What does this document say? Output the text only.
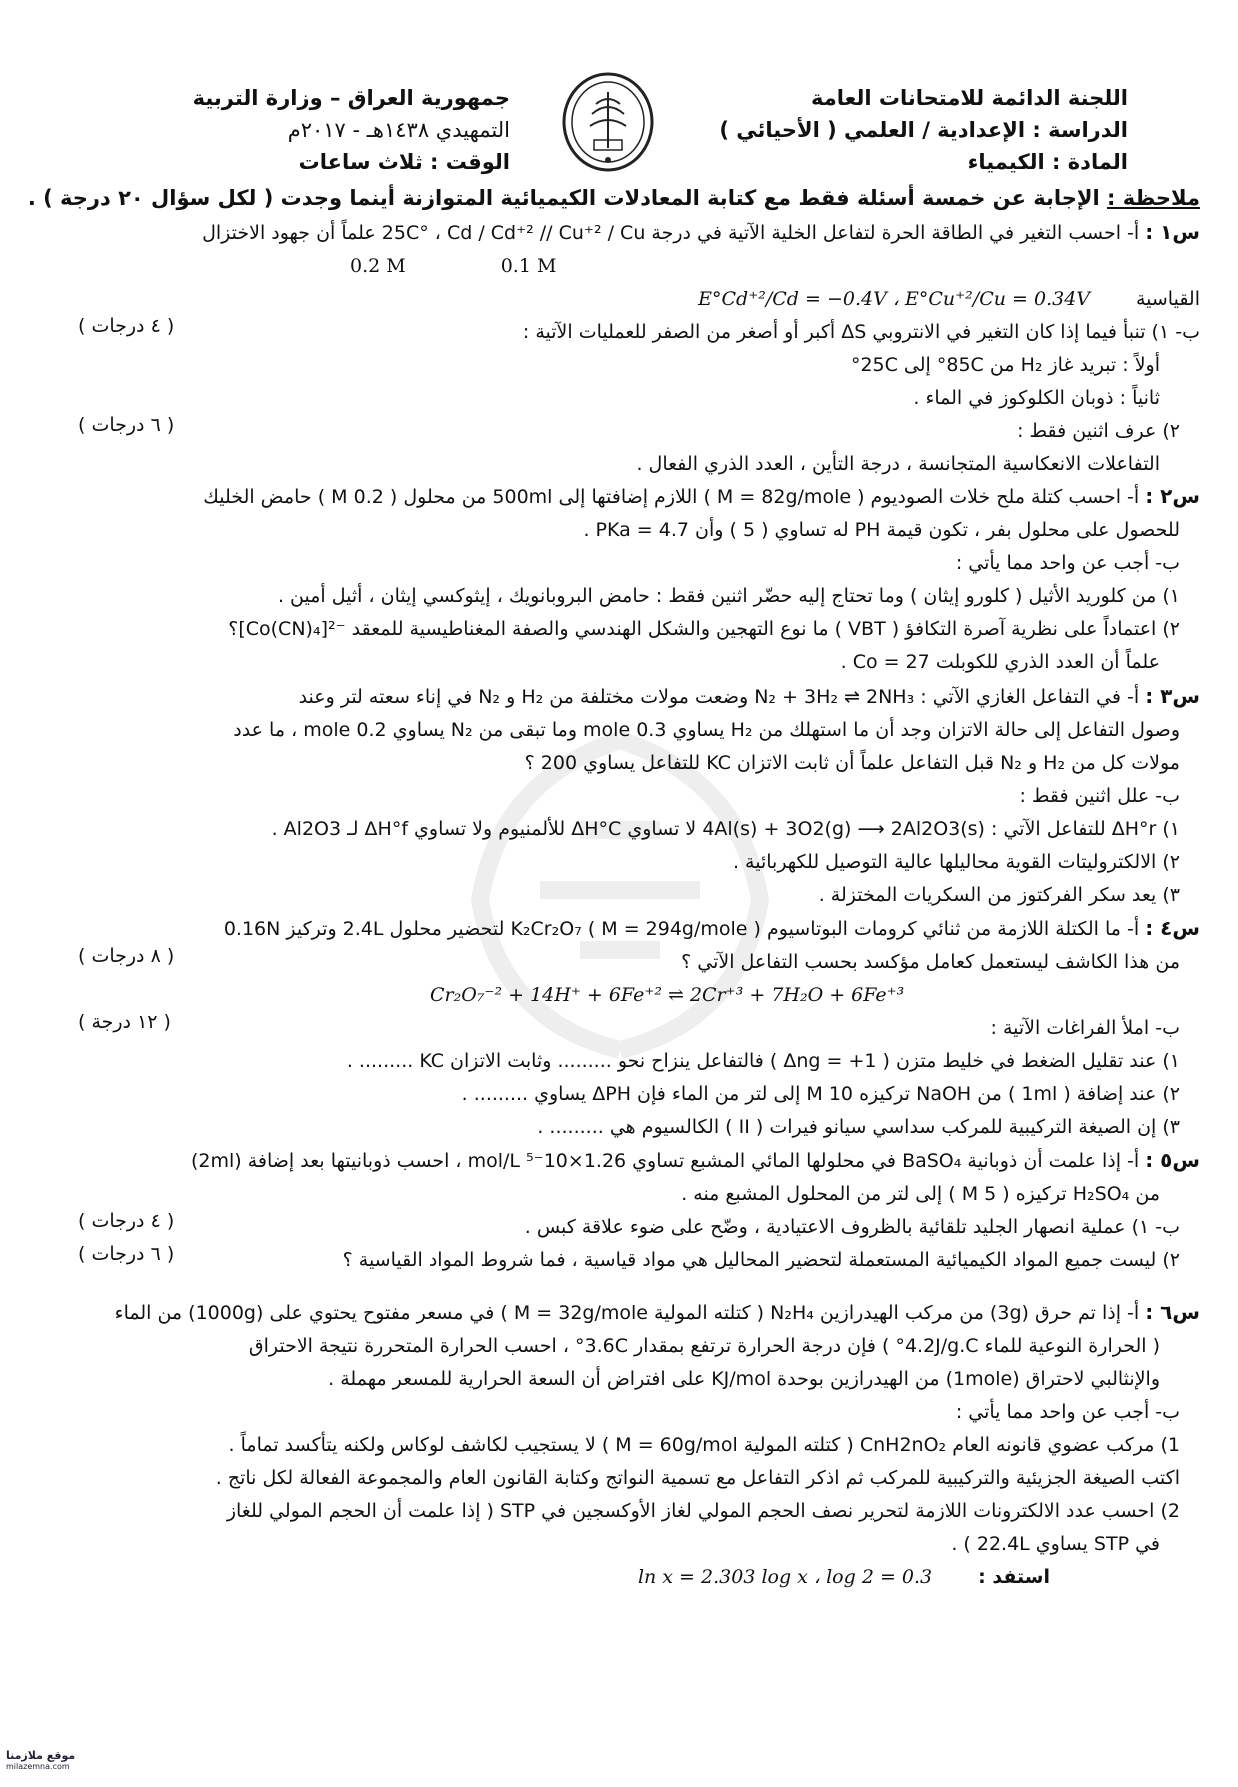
اللجنة الدائمة للامتحانات العامة
الدراسة : الإعدادية / العلمي ( الأحيائي )
المادة : الكيمياء
جمهورية العراق – وزارة التربية
التمهيدي ١٤٣٨هـ - ٢٠١٧م
الوقت : ثلاث ساعات
ملاحظة : الإجابة عن خمسة أسئلة فقط مع كتابة المعادلات الكيميائية المتوازنة أينما وجدت ( لكل سؤال ٢٠ درجة ) .
س١ : أ- احسب التغير في الطاقة الحرة لتفاعل الخلية الآتية في درجة 25C° ، Cd / Cd⁺² // Cu⁺² / Cu علماً أن جهود الاختزال
0.2 M	0.1 M
القياسية
E°Cd⁺²/Cd = −0.4V ، E°Cu⁺²/Cu = 0.34V
ب- ١) تنبأ فيما إذا كان التغير في الانتروبي ΔS أكبر أو أصغر من الصفر للعمليات الآتية :
أولاً : تبريد غاز H₂ من 85C° إلى 25C°
ثانياً : ذوبان الكلوكوز في الماء .
٢) عرف اثنين فقط :
التفاعلات الانعكاسية المتجانسة ، درجة التأين ، العدد الذري الفعال .
( ٤ درجات )
( ٦ درجات )
س٢ : أ- احسب كتلة ملح خلات الصوديوم ( M = 82g/mole ) اللازم إضافتها إلى 500ml من محلول ( 0.2 M ) حامض الخليك
للحصول على محلول بفر ، تكون قيمة PH له تساوي ( 5 ) وأن PKa = 4.7 .
ب- أجب عن واحد مما يأتي :
١) من كلوريد الأثيل ( كلورو إيثان ) وما تحتاج إليه حضّر اثنين فقط : حامض البروبانويك ، إيثوكسي إيثان ، أثيل أمين .
٢) اعتماداً على نظرية آصرة التكافؤ ( VBT ) ما نوع التهجين والشكل الهندسي والصفة المغناطيسية للمعقد ⁻²[Co(CN)₄]؟
علماً أن العدد الذري للكوبلت Co = 27 .
س٣ : أ- في التفاعل الغازي الآتي : N₂ + 3H₂ ⇌ 2NH₃ وضعت مولات مختلفة من H₂ و N₂ في إناء سعته لتر وعند
وصول التفاعل إلى حالة الاتزان وجد أن ما استهلك من H₂ يساوي 0.3 mole وما تبقى من N₂ يساوي 0.2 mole ، ما عدد
مولات كل من H₂ و N₂ قبل التفاعل علماً أن ثابت الاتزان KC للتفاعل يساوي 200 ؟
ب- علل اثنين فقط :
١) ΔH°r للتفاعل الآتي : 4Al(s) + 3O2(g) ⟶ 2Al2O3(s) لا تساوي ΔH°C للألمنيوم ولا تساوي ΔH°f لـ Al2O3 .
٢) الالكتروليتات القوية محاليلها عالية التوصيل للكهربائية .
٣) يعد سكر الفركتوز من السكريات المختزلة .
س٤ : أ- ما الكتلة اللازمة من ثنائي كرومات البوتاسيوم K₂Cr₂O₇ ( M = 294g/mole ) لتحضير محلول 2.4L وتركيز 0.16N
من هذا الكاشف ليستعمل كعامل مؤكسد بحسب التفاعل الآتي ؟
Cr₂O₇⁻² + 14H⁺ + 6Fe⁺² ⇌ 2Cr⁺³ + 7H₂O + 6Fe⁺³
ب- املأ الفراغات الآتية :
١) عند تقليل الضغط في خليط متزن ( Δng = +1 ) فالتفاعل ينزاح نحو ......... وثابت الاتزان KC ......... .
٢) عند إضافة ( 1ml ) من NaOH تركيزه 10 M إلى لتر من الماء فإن ΔPH يساوي ......... .
٣) إن الصيغة التركيبية للمركب سداسي سيانو فيرات ( II ) الكالسيوم هي ......... .
( ٨ درجات )
( ١٢ درجة )
س٥ : أ- إذا علمت أن ذوبانية BaSO₄ في محلولها المائي المشبع تساوي 1.26×10⁻⁵ mol/L ، احسب ذوبانيتها بعد إضافة (2ml)
من H₂SO₄ تركيزه ( 5 M ) إلى لتر من المحلول المشبع منه .
ب- ١) عملية انصهار الجليد تلقائية بالظروف الاعتيادية ، وضّح على ضوء علاقة كبس .
٢) ليست جميع المواد الكيميائية المستعملة لتحضير المحاليل هي مواد قياسية ، فما شروط المواد القياسية ؟
( ٤ درجات )
( ٦ درجات )
س٦ : أ- إذا تم حرق (3g) من مركب الهيدرازين N₂H₄ ( كتلته المولية M = 32g/mole ) في مسعر مفتوح يحتوي على (1000g) من الماء
( الحرارة النوعية للماء 4.2J/g.C° ) فإن درجة الحرارة ترتفع بمقدار 3.6C° ، احسب الحرارة المتحررة نتيجة الاحتراق
والإنثالبي لاحتراق (1mole) من الهيدرازين بوحدة KJ/mol على افتراض أن السعة الحرارية للمسعر مهملة .
ب- أجب عن واحد مما يأتي :
1) مركب عضوي قانونه العام CnH2nO₂ ( كتلته المولية M = 60g/mol ) لا يستجيب لكاشف لوكاس ولكنه يتأكسد تماماً .
اكتب الصيغة الجزيئية والتركيبية للمركب ثم اذكر التفاعل مع تسمية النواتج وكتابة القانون العام والمجموعة الفعالة لكل ناتج .
2) احسب عدد الالكترونات اللازمة لتحرير نصف الحجم المولي لغاز الأوكسجين في STP ( إذا علمت أن الحجم المولي للغاز
في STP يساوي 22.4L ) .
استفد : ln x = 2.303 log x ، log 2 = 0.3
موقع ملازمنا
milazemna.com
